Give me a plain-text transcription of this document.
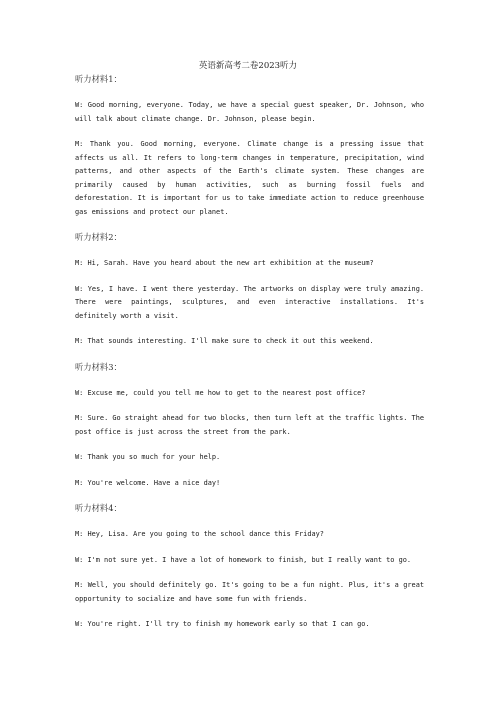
英语新高考二卷2023听力

听力材料1：

W: Good morning, everyone. Today, we have a special guest speaker, Dr. Johnson, who will talk about climate change. Dr. Johnson, please begin.

M: Thank you. Good morning, everyone. Climate change is a pressing issue that affects us all. It refers to long-term changes in temperature, precipitation, wind patterns, and other aspects of the Earth's climate system. These changes are primarily caused by human activities, such as burning fossil fuels and deforestation. It is important for us to take immediate action to reduce greenhouse gas emissions and protect our planet.

听力材料2：

M: Hi, Sarah. Have you heard about the new art exhibition at the museum?

W: Yes, I have. I went there yesterday. The artworks on display were truly amazing. There were paintings, sculptures, and even interactive installations. It's definitely worth a visit.

M: That sounds interesting. I'll make sure to check it out this weekend.

听力材料3：

W: Excuse me, could you tell me how to get to the nearest post office?

M: Sure. Go straight ahead for two blocks, then turn left at the traffic lights. The post office is just across the street from the park.

W: Thank you so much for your help.

M: You're welcome. Have a nice day!

听力材料4：

M: Hey, Lisa. Are you going to the school dance this Friday?

W: I'm not sure yet. I have a lot of homework to finish, but I really want to go.

M: Well, you should definitely go. It's going to be a fun night. Plus, it's a great opportunity to socialize and have some fun with friends.

W: You're right. I'll try to finish my homework early so that I can go.
